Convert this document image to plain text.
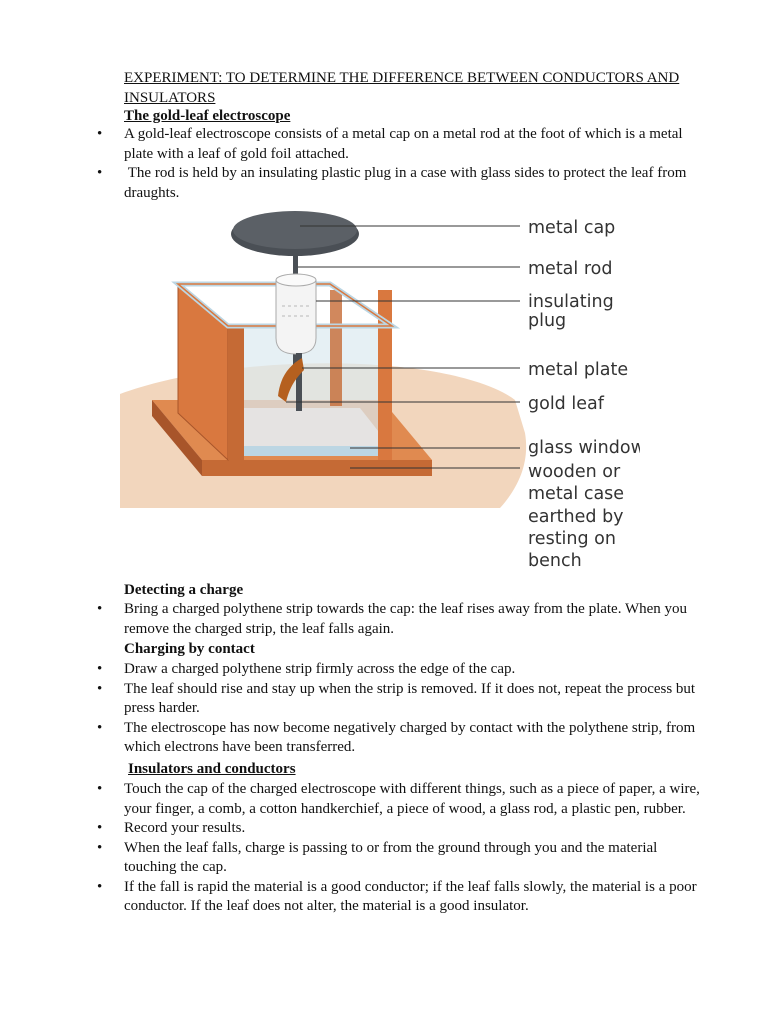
EXPERIMENT: TO DETERMINE THE DIFFERENCE BETWEEN CONDUCTORS AND INSULATORS
The gold-leaf electroscope
• A gold-leaf electroscope consists of a metal cap on a metal rod at the foot of which is a metal plate with a leaf of gold foil attached.
•  The rod is held by an insulating plastic plug in a case with glass sides to protect the leaf from draughts.
metal cap
metal rod
insulating
plug
metal plate
gold leaf
glass window
wooden or
metal case
earthed by
resting on
bench
Detecting a charge
• Bring a charged polythene strip towards the cap: the leaf rises away from the plate. When you remove the charged strip, the leaf falls again.
Charging by contact
• Draw a charged polythene strip firmly across the edge of the cap.
• The leaf should rise and stay up when the strip is removed. If it does not, repeat the process but press harder.
• The electroscope has now become negatively charged by contact with the polythene strip, from which electrons have been transferred.
Insulators and conductors
• Touch the cap of the charged electroscope with different things, such as a piece of paper, a wire, your finger, a comb, a cotton handkerchief, a piece of wood, a glass rod, a plastic pen, rubber.
• Record your results.
• When the leaf falls, charge is passing to or from the ground through you and the material touching the cap.
• If the fall is rapid the material is a good conductor; if the leaf falls slowly, the material is a poor conductor. If the leaf does not alter, the material is a good insulator.
